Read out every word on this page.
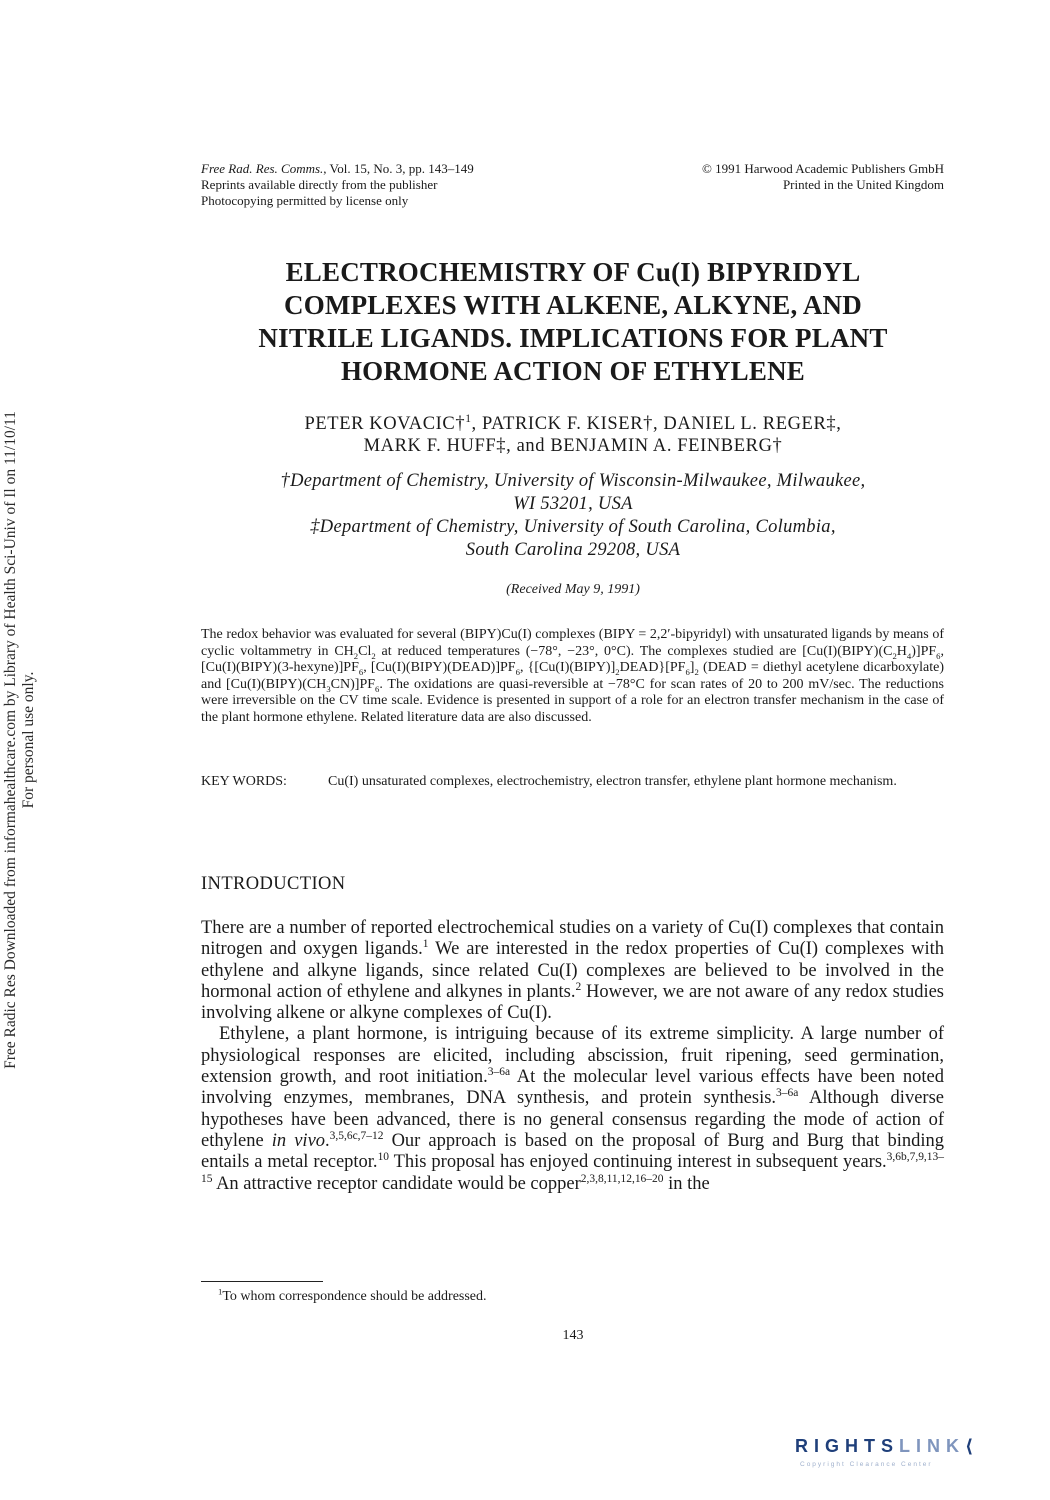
Free Radic Res Downloaded from informahealthcare.com by Library of Health Sci-Univ of Il on 11/10/11 For personal use only.
Free Rad. Res. Comms., Vol. 15, No. 3, pp. 143–149
Reprints available directly from the publisher
Photocopying permitted by license only
© 1991 Harwood Academic Publishers GmbH
Printed in the United Kingdom
ELECTROCHEMISTRY OF Cu(I) BIPYRIDYL
COMPLEXES WITH ALKENE, ALKYNE, AND
NITRILE LIGANDS. IMPLICATIONS FOR PLANT
HORMONE ACTION OF ETHYLENE
PETER KOVACIC†$^1$, PATRICK F. KISER†, DANIEL L. REGER‡,
MARK F. HUFF‡, and BENJAMIN A. FEINBERG†
†Department of Chemistry, University of Wisconsin-Milwaukee, Milwaukee,
WI 53201, USA
‡Department of Chemistry, University of South Carolina, Columbia,
South Carolina 29208, USA
(Received May 9, 1991)
The redox behavior was evaluated for several (BIPY)Cu(I) complexes (BIPY = 2,2′-bipyridyl) with unsaturated ligands by means of cyclic voltammetry in $CH_2Cl_2$ at reduced temperatures (−78°, −23°, 0°C). The complexes studied are $[Cu(I)(BIPY)(C_2H_4)]PF_6$, $[Cu(I)(BIPY)(3-hexyne)]PF_6$, $[Cu(I)(BIPY)(DEAD)]PF_6$, $\{[Cu(I)(BIPY)]_2DEAD\}[PF_6]_2$ (DEAD = diethyl acetylene dicarboxylate) and $[Cu(I)(BIPY)(CH_3CN)]PF_6$. The oxidations are quasi-reversible at −78°C for scan rates of 20 to 200 mV/sec. The reductions were irreversible on the CV time scale. Evidence is presented in support of a role for an electron transfer mechanism in the case of the plant hormone ethylene. Related literature data are also discussed.
KEY WORDS:	Cu(I) unsaturated complexes, electrochemistry, electron transfer, ethylene plant hormone mechanism.
INTRODUCTION

There are a number of reported electrochemical studies on a variety of Cu(I) complexes that contain nitrogen and oxygen ligands.$^1$ We are interested in the redox properties of Cu(I) complexes with ethylene and alkyne ligands, since related Cu(I) complexes are believed to be involved in the hormonal action of ethylene and alkynes in plants.$^2$ However, we are not aware of any redox studies involving alkene or alkyne complexes of Cu(I).

Ethylene, a plant hormone, is intriguing because of its extreme simplicity. A large number of physiological responses are elicited, including abscission, fruit ripening, seed germination, extension growth, and root initiation.$^{3-6a}$ At the molecular level various effects have been noted involving enzymes, membranes, DNA synthesis, and protein synthesis.$^{3-6a}$ Although diverse hypotheses have been advanced, there is no general consensus regarding the mode of action of ethylene in vivo.$^{3,5,6c,7-12}$ Our approach is based on the proposal of Burg and Burg that binding entails a metal receptor.$^{10}$ This proposal has enjoyed continuing interest in subsequent years.$^{3,6b,7,9,13-15}$ An attractive receptor candidate would be copper$^{2,3,8,11,12,16-20}$ in the

$^1$To whom correspondence should be addressed.
143
RIGHTSLINK⟨
Copyright Clearance Center
